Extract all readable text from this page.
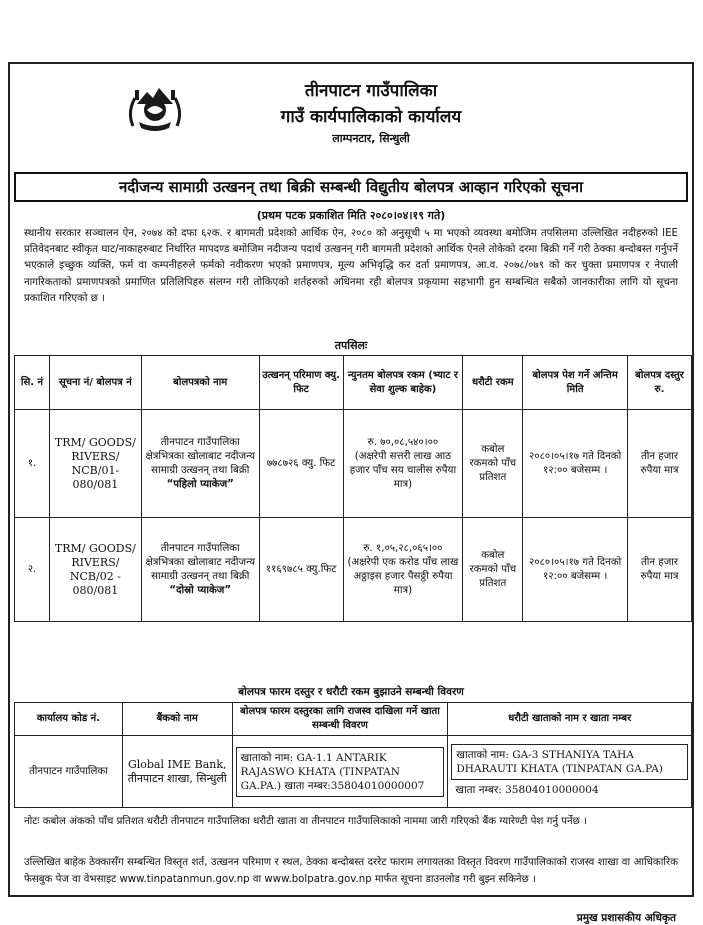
तीनपाटन गाउँपालिका
गाउँ कार्यपालिकाको कार्यालय
लाम्पनटार, सिन्धुली
नदीजन्य सामाग्री उत्खनन् तथा बिक्री सम्बन्धी विद्युतीय बोलपत्र आव्हान गरिएको सूचना
(प्रथम पटक प्रकाशित मिति २०८०।०४।१९ गते)
स्थानीय सरकार सञ्चालन ऐन, २०७४ को दफा ६२क. र बागमती प्रदेशको आर्थिक ऐन, २०८० को अनुसूची ५ मा भएको व्यवस्था बमोजिम तपसिलमा उल्लिखित नदीहरुको IEE प्रतिवेदनबाट स्वीकृत घाट/नाकाहरुबाट निर्धारित मापदण्ड बमोजिम नदीजन्य पदार्थ उत्खनन् गरी बागमती प्रदेशको आर्थिक ऐनले तोकेको दरमा बिक्री गर्ने गरी ठेक्का बन्दोबस्त गर्नुपर्ने भएकाले इच्छुक व्यक्ति, फर्म वा कम्पनीहरुले फर्मको नवीकरण भएको प्रमाणपत्र, मूल्य अभिवृद्धि कर दर्ता प्रमाणपत्र, आ.व. २०७८/०७९ को कर चुक्ता प्रमाणपत्र र नेपाली नागरिकताको प्रमाणपत्रको प्रमाणित प्रतिलिपिहरु संलग्न गरी तोकिएको शर्तहरुको अधिनमा रही बोलपत्र प्रकृयामा सहभागी हुन सम्बन्धित सबैको जानकारीका लागि यो सूचना प्रकाशित गरिएको छ ।
तपसिलः
सि. नं	सूचना नं/ बोलपत्र नं	बोलपत्रको नाम	उत्खनन् परिमाण क्यु. फिट	न्युनतम बोलपत्र रकम (भ्याट र सेवा शुल्क बाहेक)	धरौटी रकम	बोलपत्र पेश गर्ने अन्तिम मिति	बोलपत्र दस्तुर रु.
१.	TRM/ GOODS/ RIVERS/ NCB/01- 080/081	तीनपाटन गाउँपालिका क्षेत्रभित्रका खोलाबाट नदीजन्य सामाग्री उत्खनन् तथा बिक्री
“पहिलो प्याकेज”	७७८७२६ क्यु. फिट	रु. ७०,०८,५४०।००
(अक्षरेपी सत्तरी लाख आठ हजार पाँच सय चालीस रुपैया मात्र)	कबोल रकमको पाँच प्रतिशत	२०८०।०५।१७ गते दिनको १२:०० बजेसम्म ।	तीन हजार रुपैया मात्र
२.	TRM/ GOODS/ RIVERS/ NCB/02 - 080/081	तीनपाटन गाउँपालिका क्षेत्रभित्रका खोलाबाट नदीजन्य सामाग्री उत्खनन् तथा बिक्री
“दोस्रो प्याकेज”	११६९७८५ क्यु.फिट	रु. १,०५,२८,०६५।००
(अक्षरेपी एक करोड पाँच लाख अठ्ठाइस हजार पैसठ्ठी रुपैया मात्र)	कबोल रकमको पाँच प्रतिशत	२०८०।०५।१७ गते दिनको १२:०० बजेसम्म ।	तीन हजार रुपैया मात्र
बोलपत्र फारम दस्तुर र धरौटी रकम बुझाउने सम्बन्धी विवरण
कार्यालय कोड नं.	बैंकको नाम	बोलपत्र फारम दस्तुरका लागि राजस्व दाखिला गर्ने खाता सम्बन्धी विवरण	धरौटी खाताको नाम र खाता नम्बर
तीनपाटन गाउँपालिका	Global IME Bank, तीनपाटन शाखा, सिन्धुली	खाताको नाम: GA-1.1 ANTARIK RAJASWO KHATA (TINPATAN GA.PA.) खाता नम्बर:35804010000007	खाताको नाम: GA-3 STHANIYA TAHA DHARAUTI KHATA (TINPATAN GA.PA)
खाता नम्बर: 35804010000004
नोटः कबोल अंकको पाँच प्रतिशत धरौटी तीनपाटन गाउँपालिका धरौटी खाता वा तीनपाटन गाउँपालिकाको नाममा जारी गरिएको बैंक ग्यारेण्टी पेश गर्नु पर्नेछ ।
उल्लिखित बाहेक ठेक्कासँग सम्बन्धित विस्तृत शर्त, उत्खनन परिमाण र स्थल, ठेक्का बन्दोबस्त दररेट फाराम लगायतका विस्तृत विवरण गाउँपालिकाको राजस्व शाखा वा आधिकारिक फेसबुक पेज वा वेभसाइट www.tinpatanmun.gov.np वा www.bolpatra.gov.np मार्फत सूचना डाउनलोड गरी बुझ्न सकिनेछ ।
प्रमुख प्रशासकीय अधिकृत
